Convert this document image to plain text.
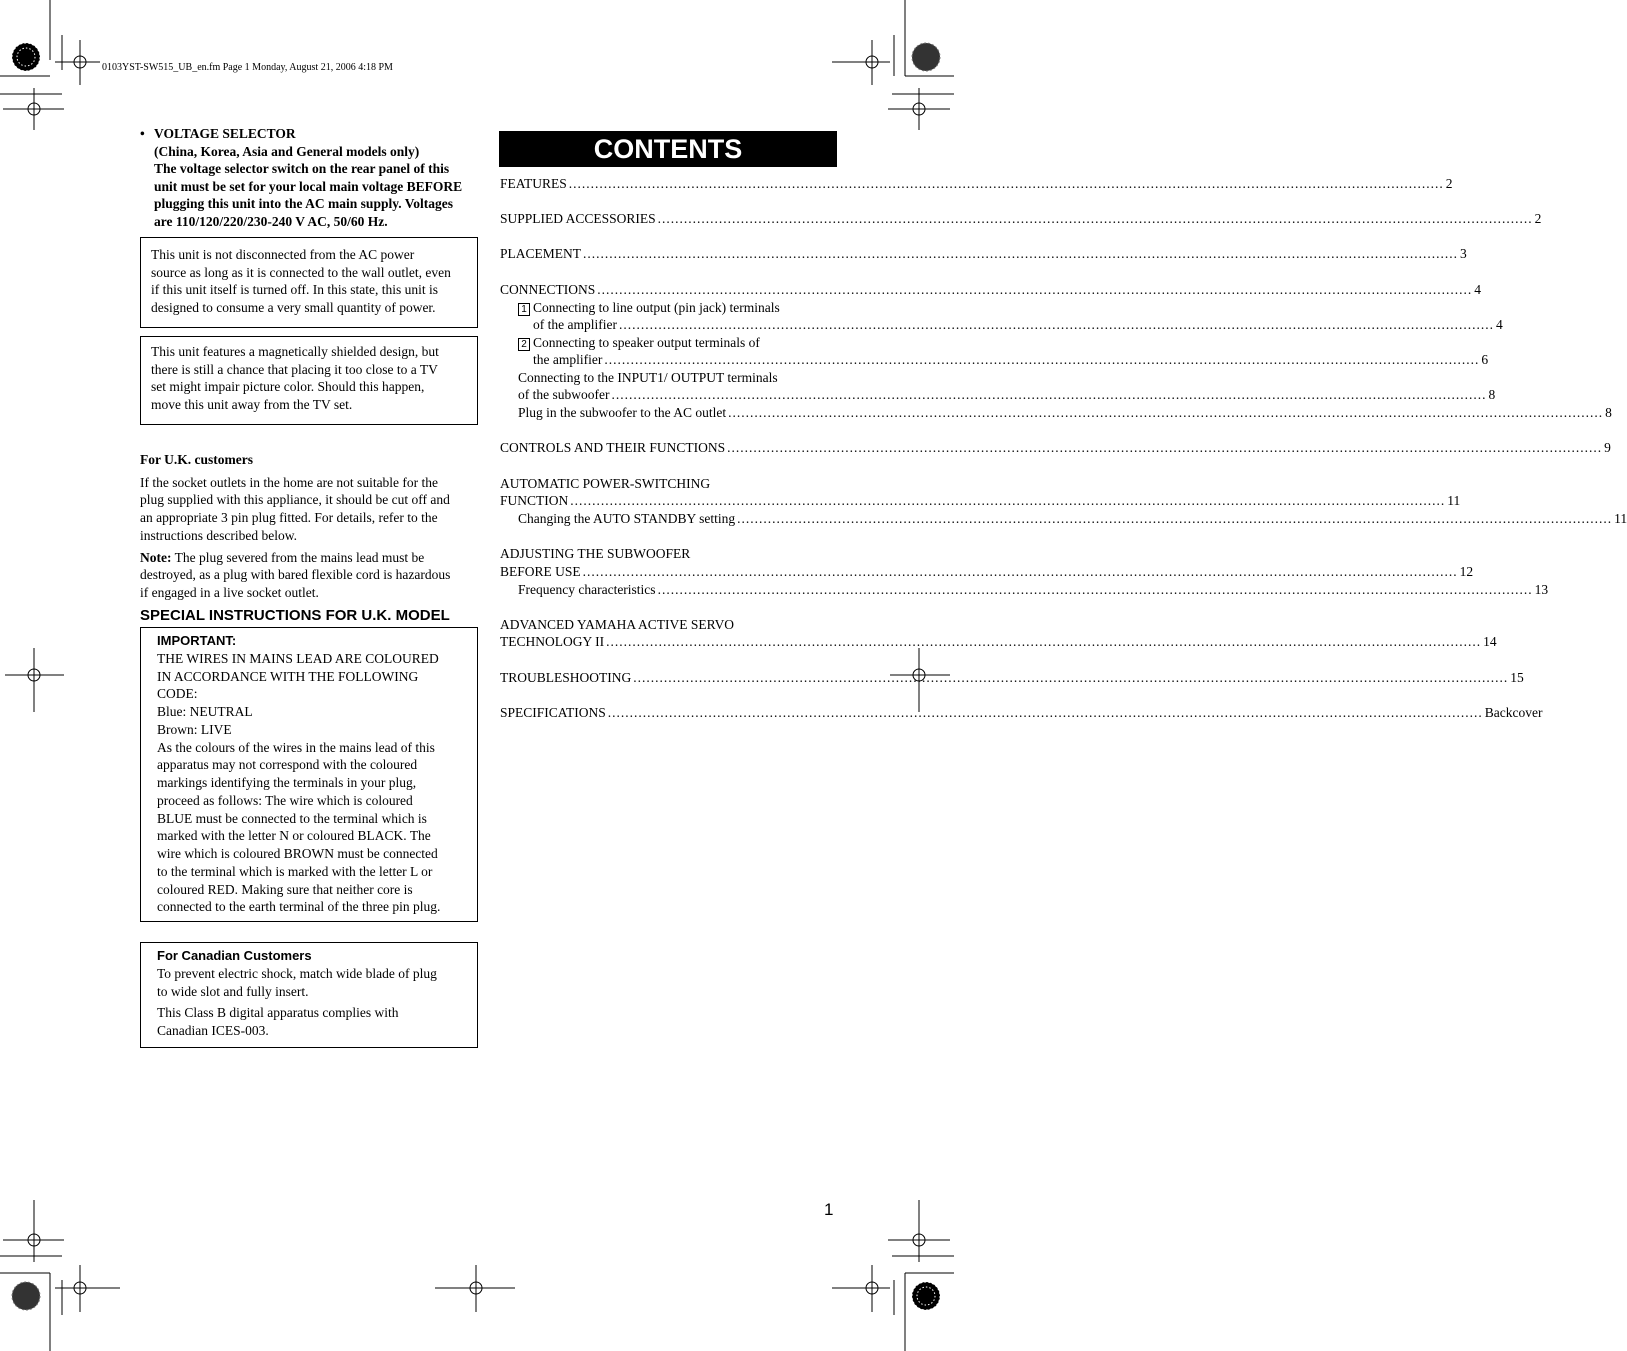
0103YST-SW515_UB_en.fm Page 1 Monday, August 21, 2006 4:18 PM
• VOLTAGE SELECTOR
(China, Korea, Asia and General models only)
The voltage selector switch on the rear panel of this
unit must be set for your local main voltage BEFORE
plugging this unit into the AC main supply. Voltages
are 110/120/220/230-240 V AC, 50/60 Hz.
This unit is not disconnected from the AC power
source as long as it is connected to the wall outlet, even
if this unit itself is turned off. In this state, this unit is
designed to consume a very small quantity of power.
This unit features a magnetically shielded design, but
there is still a chance that placing it too close to a TV
set might impair picture color. Should this happen,
move this unit away from the TV set.
For U.K. customers

If the socket outlets in the home are not suitable for the
plug supplied with this appliance, it should be cut off and
an appropriate 3 pin plug fitted. For details, refer to the
instructions described below.

Note: The plug severed from the mains lead must be
destroyed, as a plug with bared flexible cord is hazardous
if engaged in a live socket outlet.

SPECIAL INSTRUCTIONS FOR U.K. MODEL
IMPORTANT:
THE WIRES IN MAINS LEAD ARE COLOURED
IN ACCORDANCE WITH THE FOLLOWING
CODE:
Blue: NEUTRAL
Brown: LIVE
As the colours of the wires in the mains lead of this
apparatus may not correspond with the coloured
markings identifying the terminals in your plug,
proceed as follows: The wire which is coloured
BLUE must be connected to the terminal which is
marked with the letter N or coloured BLACK. The
wire which is coloured BROWN must be connected
to the terminal which is marked with the letter L or
coloured RED. Making sure that neither core is
connected to the earth terminal of the three pin plug.
For Canadian Customers

To prevent electric shock, match wide blade of plug
to wide slot and fully insert.

This Class B digital apparatus complies with
Canadian ICES-003.

CONTENTS
FEATURES ........................................................................................................................................................................................................ 2
SUPPLIED ACCESSORIES ........................................................................................................................................................................................................ 2
PLACEMENT ........................................................................................................................................................................................................ 3
CONNECTIONS ........................................................................................................................................................................................................ 4
1 Connecting to line output (pin jack) terminals
of the amplifier ........................................................................................................................................................................................................ 4
2 Connecting to speaker output terminals of
the amplifier ........................................................................................................................................................................................................ 6
Connecting to the INPUT1/ OUTPUT terminals
of the subwoofer ........................................................................................................................................................................................................ 8
Plug in the subwoofer to the AC outlet ........................................................................................................................................................................................................ 8
CONTROLS AND THEIR FUNCTIONS ........................................................................................................................................................................................................ 9
AUTOMATIC POWER-SWITCHING
FUNCTION ........................................................................................................................................................................................................ 11
Changing the AUTO STANDBY setting ........................................................................................................................................................................................................ 11
ADJUSTING THE SUBWOOFER
BEFORE USE ........................................................................................................................................................................................................ 12
Frequency characteristics ........................................................................................................................................................................................................ 13
ADVANCED YAMAHA ACTIVE SERVO
TECHNOLOGY II ........................................................................................................................................................................................................ 14
TROUBLESHOOTING ........................................................................................................................................................................................................ 15
SPECIFICATIONS ........................................................................................................................................................................................................ Backcover
1
